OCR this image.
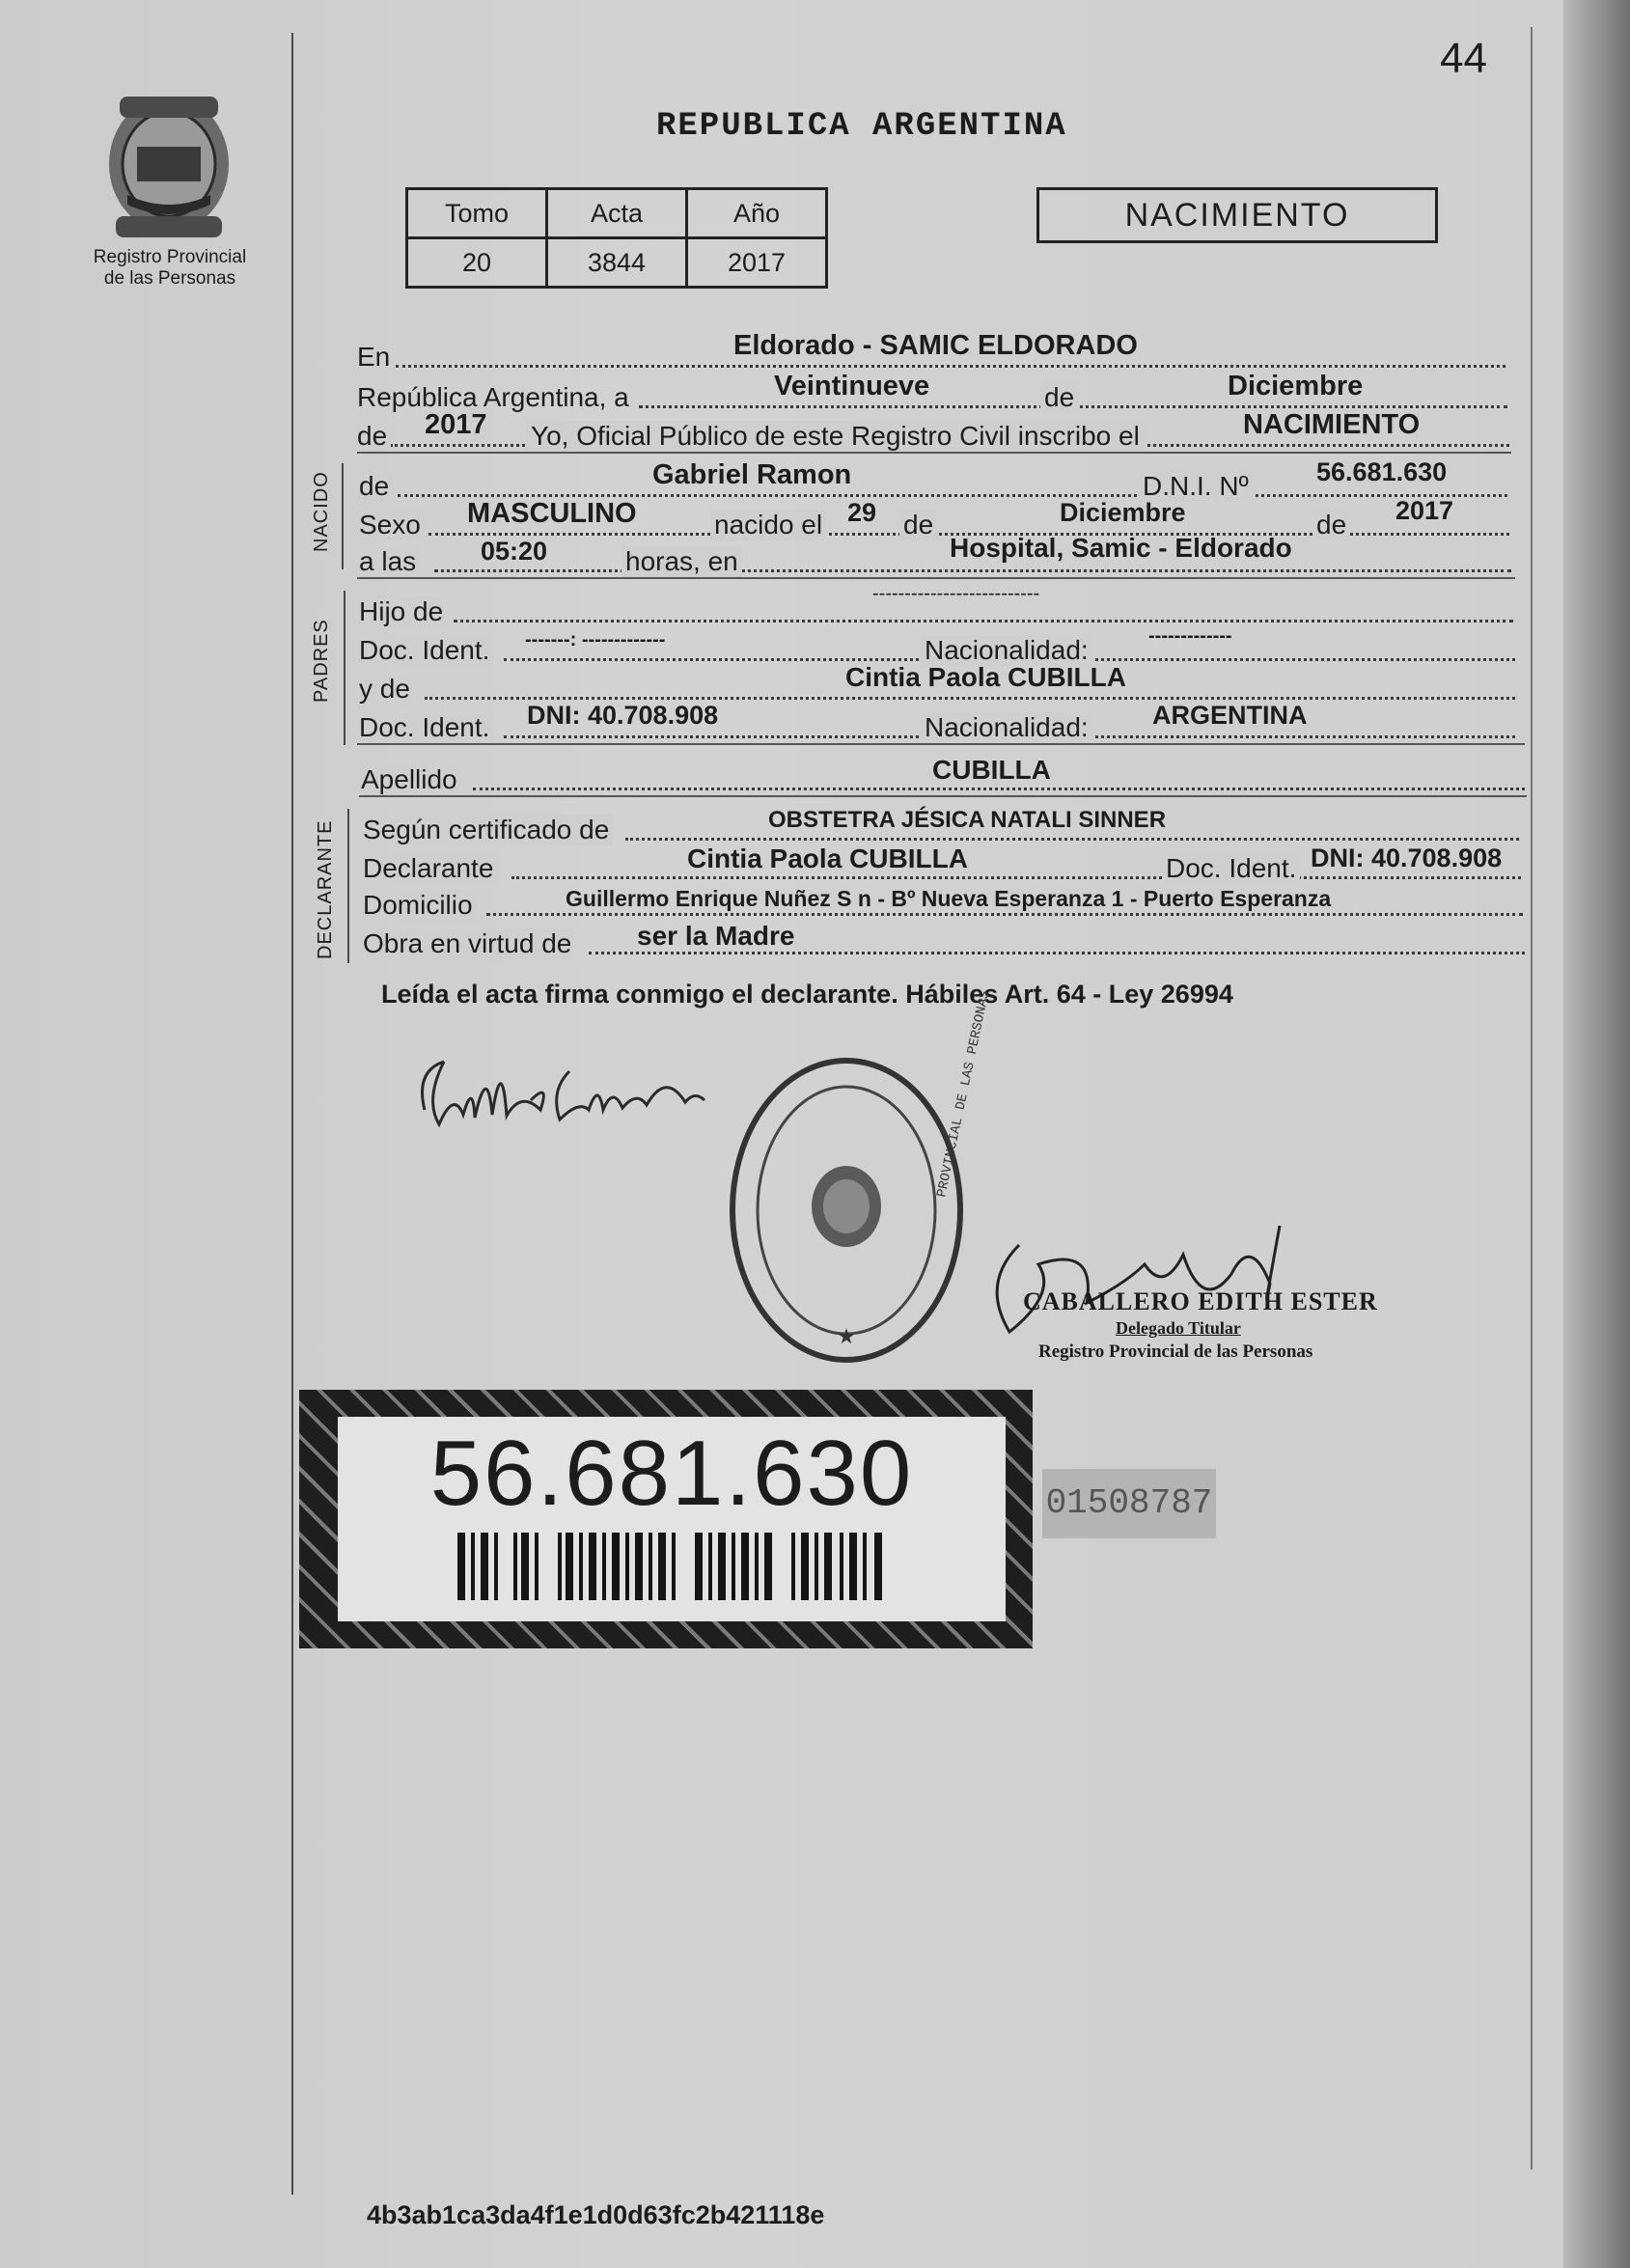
44
Registro Provincial
de las Personas
REPUBLICA ARGENTINA
Tomo	Acta	Año
20	3844	2017
NACIMIENTO
En	Eldorado - SAMIC ELDORADO
República Argentina, a	Veintinueve	de	Diciembre
de 2017 Yo, Oficial Público de este Registro Civil inscribo el	NACIMIENTO
NACIDO de	Gabriel Ramon	D.N.I. Nº	56.681.630
Sexo MASCULINO	nacido el 29 de	Diciembre	de 2017
a las 05:20	horas, en	Hospital, Samic - Eldorado
PADRES
Hijo de
--------------------------
Doc. Ident. -------: -------------	Nacionalidad:	-------------
y de	Cintia Paola CUBILLA
Doc. Ident. DNI: 40.708.908	Nacionalidad: ARGENTINA
Apellido	CUBILLA
DECLARANTE Según certificado de	OBSTETRA JÉSICA NATALI SINNER
Declarante	Cintia Paola CUBILLA	Doc. Ident. DNI: 40.708.908
Domicilio	Guillermo Enrique Nuñez S n - Bº Nueva Esperanza 1 - Puerto Esperanza
Obra en virtud de ser la Madre
Leída el acta firma conmigo el declarante. Hábiles Art. 64 - Ley 26994
PROVINCIAL DE LAS PERSONAS
★
CABALLERO EDITH ESTER
Delegado Titular
Registro Provincial de las Personas
56.681.630	01508787
4b3ab1ca3da4f1e1d0d63fc2b421118e
